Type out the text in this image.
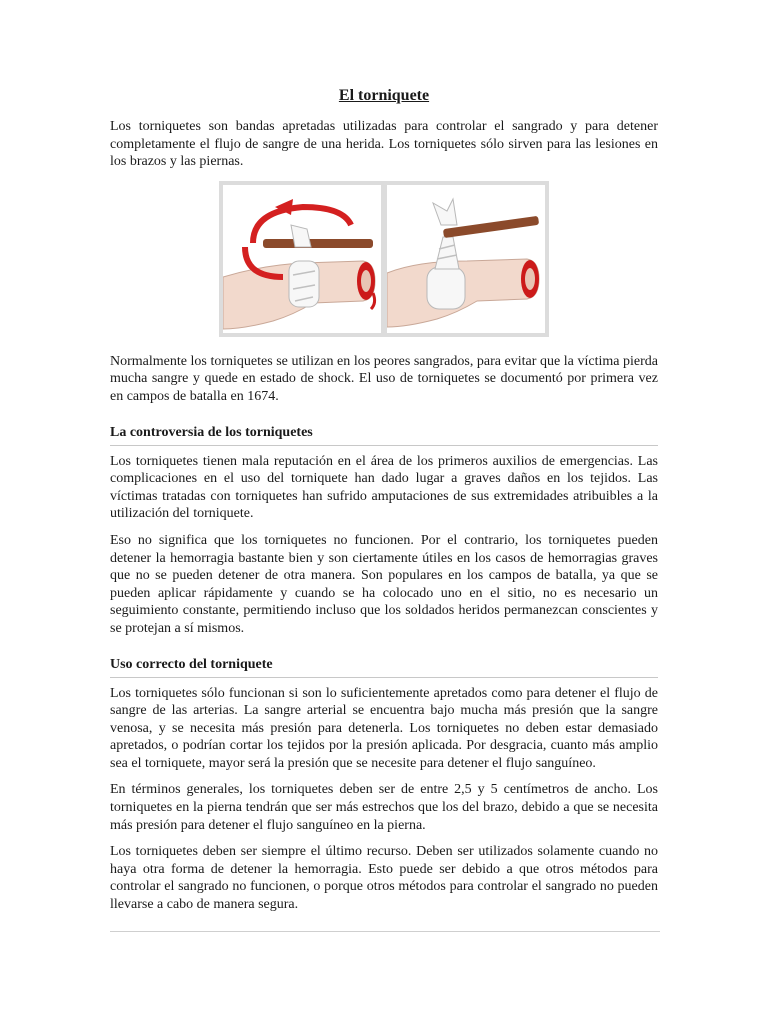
El torniquete

Los torniquetes son bandas apretadas utilizadas para controlar el sangrado y para detener completamente el flujo de sangre de una herida. Los torniquetes sólo sirven para las lesiones en los brazos y las piernas.

Normalmente los torniquetes se utilizan en los peores sangrados, para evitar que la víctima pierda mucha sangre y quede en estado de shock. El uso de torniquetes se documentó por primera vez en campos de batalla en 1674.

La controversia de los torniquetes

Los torniquetes tienen mala reputación en el área de los primeros auxilios de emergencias. Las complicaciones en el uso del torniquete han dado lugar a graves daños en los tejidos. Las víctimas tratadas con torniquetes han sufrido amputaciones de sus extremidades atribuibles a la utilización del torniquete.

Eso no significa que los torniquetes no funcionen. Por el contrario, los torniquetes pueden detener la hemorragia bastante bien y son ciertamente útiles en los casos de hemorragias graves que no se pueden detener de otra manera. Son populares en los campos de batalla, ya que se pueden aplicar rápidamente y cuando se ha colocado uno en el sitio, no es necesario un seguimiento constante, permitiendo incluso que los soldados heridos permanezcan conscientes y se protejan a sí mismos.

Uso correcto del torniquete

Los torniquetes sólo funcionan si son lo suficientemente apretados como para detener el flujo de sangre de las arterias. La sangre arterial se encuentra bajo mucha más presión que la sangre venosa, y se necesita más presión para detenerla. Los torniquetes no deben estar demasiado apretados, o podrían cortar los tejidos por la presión aplicada. Por desgracia, cuanto más amplio sea el torniquete, mayor será la presión que se necesite para detener el flujo sanguíneo.

En términos generales, los torniquetes deben ser de entre 2,5 y 5 centímetros de ancho. Los torniquetes en la pierna tendrán que ser más estrechos que los del brazo, debido a que se necesita más presión para detener el flujo sanguíneo en la pierna.

Los torniquetes deben ser siempre el último recurso. Deben ser utilizados solamente cuando no haya otra forma de detener la hemorragia. Esto puede ser debido a que otros métodos para controlar el sangrado no funcionen, o porque otros métodos para controlar el sangrado no pueden llevarse a cabo de manera segura.
